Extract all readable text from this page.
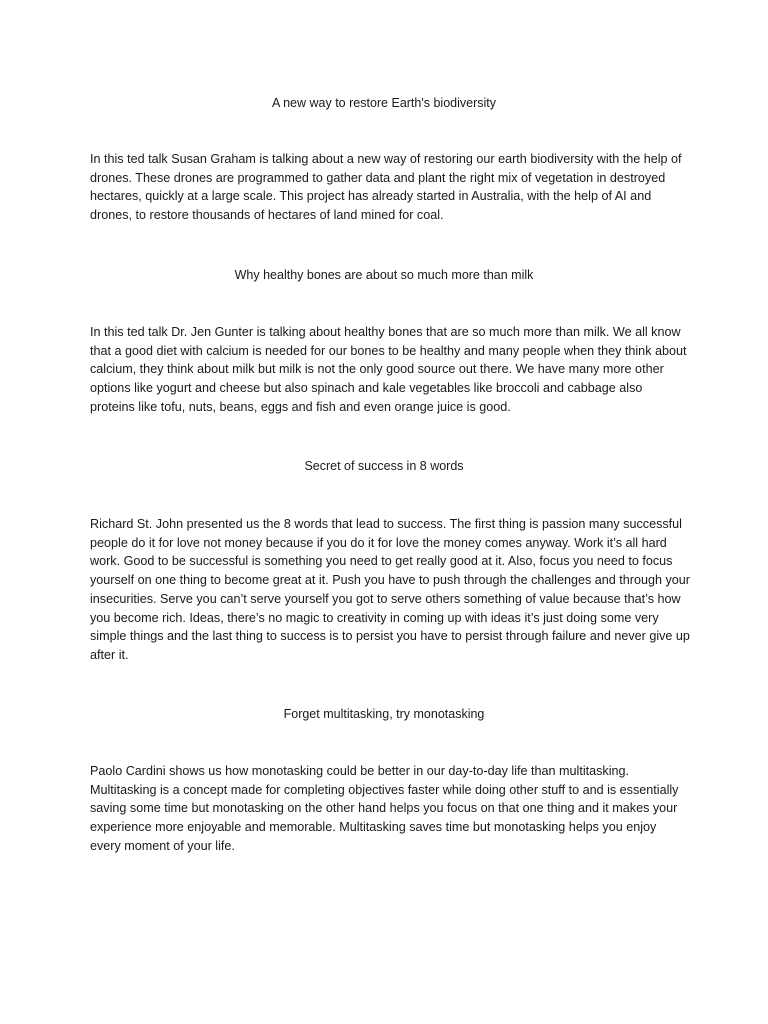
A new way to restore Earth's biodiversity

In this ted talk Susan Graham is talking about a new way of restoring our earth biodiversity with the help of drones. These drones are programmed to gather data and plant the right mix of vegetation in destroyed hectares, quickly at a large scale. This project has already started in Australia, with the help of AI and drones, to restore thousands of hectares of land mined for coal.

Why healthy bones are about so much more than milk

In this ted talk Dr. Jen Gunter is talking about healthy bones that are so much more than milk. We all know that a good diet with calcium is needed for our bones to be healthy and many people when they think about calcium, they think about milk but milk is not the only good source out there. We have many more other options like yogurt and cheese but also spinach and kale vegetables like broccoli and cabbage also proteins like tofu, nuts, beans, eggs and fish and even orange juice is good.

Secret of success in 8 words

Richard St. John presented us the 8 words that lead to success. The first thing is passion many successful people do it for love not money because if you do it for love the money comes anyway. Work it’s all hard work. Good to be successful is something you need to get really good at it. Also, focus you need to focus yourself on one thing to become great at it. Push you have to push through the challenges and through your insecurities. Serve you can’t serve yourself you got to serve others something of value because that’s how you become rich. Ideas, there’s no magic to creativity in coming up with ideas it’s just doing some very simple things and the last thing to success is to persist you have to persist through failure and never give up after it.

Forget multitasking, try monotasking

Paolo Cardini shows us how monotasking could be better in our day-to-day life than multitasking. Multitasking is a concept made for completing objectives faster while doing other stuff to and is essentially saving some time but monotasking on the other hand helps you focus on that one thing and it makes your experience more enjoyable and memorable. Multitasking saves time but monotasking helps you enjoy every moment of your life.
